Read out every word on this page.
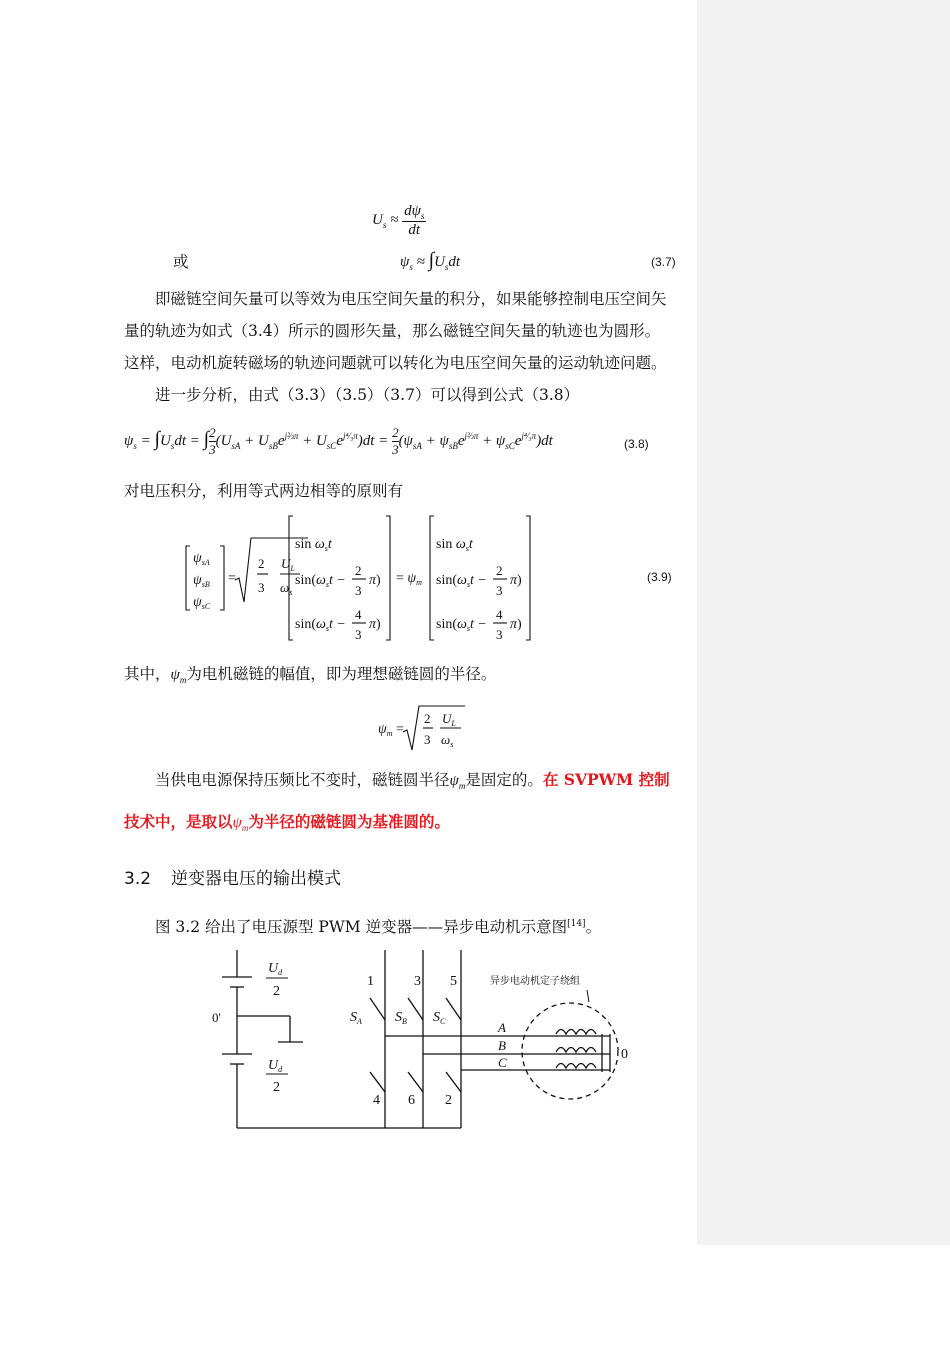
$U_s$ ≈
$d\psi_s$
dt
或	$\psi_s \approx \int U_sdt$	(3.7)
即磁链空间矢量可以等效为电压空间矢量的积分，如果能够控制电压空间矢
量的轨迹为如式（3.4）所示的圆形矢量，那么磁链空间矢量的轨迹也为圆形。
这样，电动机旋转磁场的轨迹问题就可以转化为电压空间矢量的运动轨迹问题。
进一步分析，由式（3.3）（3.5）（3.7）可以得到公式（3.8）
$\psi_s = \int U_sdt$ = ∫ $\frac{2}{3} (U_{sA} + U_{sB}e^{j\frac{2}{3}\pi} + U_{sC}e^{j^4⁄_3\pi})dt = \frac{2}{3} (\psi_{sA} + \psi_{sB}e^{j\frac{2}{3}\pi} + \psi_{sC}e^{j^4⁄_3\pi})dt$	(3.8)
对电压积分，利用等式两边相等的原则有
$\psi_{sA}$
$\psi_{sB}$
$\psi_{sC}$
=
2
3
$U_L$
$\omega_s$
$\sin \omega_st$
$\sin(\omega_st$ −
2
3
π)
$\sin(\omega_st$ −
4
3
π)
= $\psi_m$
$\sin \omega_st$
$\sin(\omega_st$ −
2
3
π)
$\sin(\omega_st$ −
4
3
π)
(3.9)
其中，$\psi_m$为电机磁链的幅值，即为理想磁链圆的半径。
$\psi_m$ =
2
3
$U_L$
$\omega_s$
当供电电源保持压频比不变时，磁链圆半径$\psi_m$是固定的。在 SVPWM 控制
技术中，是取以$\psi_m$为半径的磁链圆为基准圆的。
3.2 逆变器电压的输出模式
图 3.2 给出了电压源型 PWM 逆变器——异步电动机示意图[14]。
$U_d$
2
$U_d$
2
0'
1	3 5
4 6 2
$S_A$ $S_B$ $S_C$	A
B
C
0
异步电动机定子绕组
